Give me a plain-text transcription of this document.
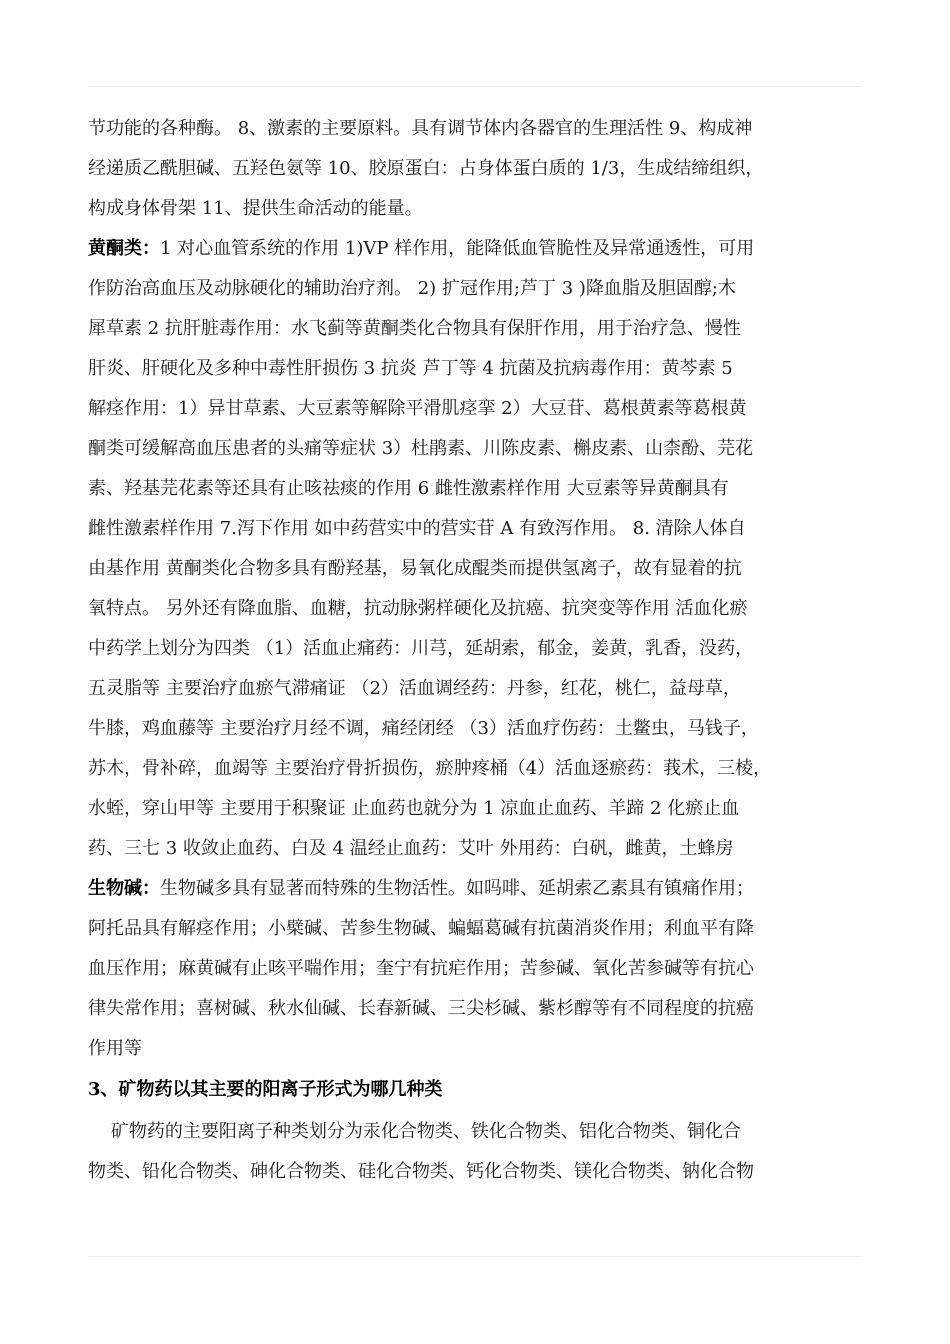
节功能的各种酶。 8、激素的主要原料。具有调节体内各器官的生理活性 9、构成神
经递质乙酰胆碱、五羟色氨等 10、胶原蛋白：占身体蛋白质的 1/3，生成结缔组织，
构成身体骨架 11、提供生命活动的能量。
黄酮类：1 对心血管系统的作用 1)VP 样作用，能降低血管脆性及异常通透性，可用
作防治高血压及动脉硬化的辅助治疗剂。 2) 扩冠作用;芦丁 3 )降血脂及胆固醇;木
犀草素 2 抗肝脏毒作用：水飞蓟等黄酮类化合物具有保肝作用，用于治疗急、慢性
肝炎、肝硬化及多种中毒性肝损伤 3 抗炎 芦丁等 4 抗菌及抗病毒作用：黄芩素 5
解痉作用：1）异甘草素、大豆素等解除平滑肌痉挛 2）大豆苷、葛根黄素等葛根黄
酮类可缓解高血压患者的头痛等症状 3）杜鹃素、川陈皮素、槲皮素、山柰酚、芫花
素、羟基芫花素等还具有止咳祛痰的作用 6 雌性激素样作用 大豆素等异黄酮具有
雌性激素样作用 7.泻下作用 如中药营实中的营实苷 A 有致泻作用。 8. 清除人体自
由基作用 黄酮类化合物多具有酚羟基，易氧化成醌类而提供氢离子，故有显着的抗
氧特点。 另外还有降血脂、血糖，抗动脉粥样硬化及抗癌、抗突变等作用 活血化瘀
中药学上划分为四类 （1）活血止痛药：川芎，延胡索，郁金，姜黄，乳香，没药，
五灵脂等 主要治疗血瘀气滞痛证 （2）活血调经药：丹参，红花，桃仁，益母草，
牛膝，鸡血藤等 主要治疗月经不调，痛经闭经 （3）活血疗伤药：土鳖虫，马钱子，
苏木，骨补碎，血竭等 主要治疗骨折损伤，瘀肿疼桶（4）活血逐瘀药：莪术，三棱，
水蛭，穿山甲等 主要用于积聚证 止血药也就分为 1 凉血止血药、羊蹄 2 化瘀止血
药、三七 3 收敛止血药、白及 4 温经止血药：艾叶 外用药：白矾，雌黄，土蜂房
生物碱：生物碱多具有显著而特殊的生物活性。如吗啡、延胡索乙素具有镇痛作用；
阿托品具有解痉作用；小檗碱、苦参生物碱、蝙蝠葛碱有抗菌消炎作用；利血平有降
血压作用；麻黄碱有止咳平喘作用；奎宁有抗疟作用；苦参碱、氧化苦参碱等有抗心
律失常作用；喜树碱、秋水仙碱、长春新碱、三尖杉碱、紫杉醇等有不同程度的抗癌
作用等
3、矿物药以其主要的阳离子形式为哪几种类
矿物药的主要阳离子种类划分为汞化合物类、铁化合物类、铝化合物类、铜化合
物类、铅化合物类、砷化合物类、硅化合物类、钙化合物类、镁化合物类、钠化合物
